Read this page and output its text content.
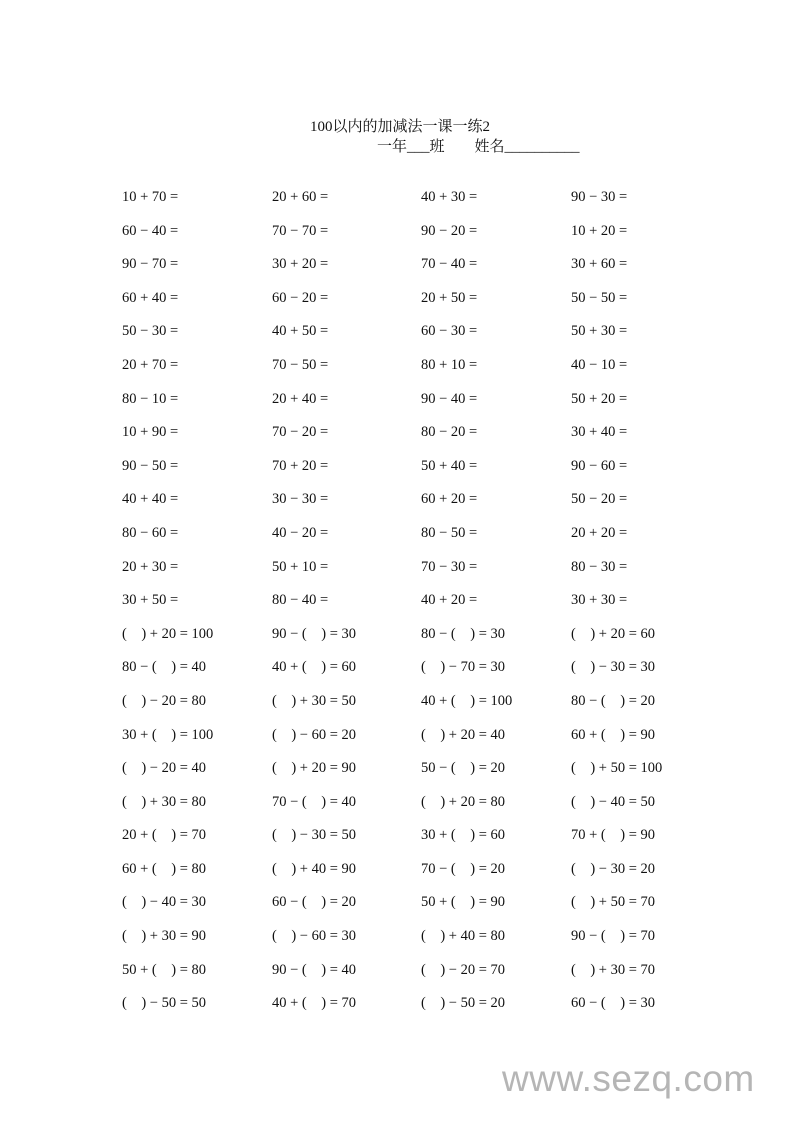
100以内的加减法一课一练2
一年___班        姓名__________
10 + 70 =	20 + 60 =	40 + 30 =	90 − 30 =
60 − 40 =	70 − 70 =	90 − 20 =	10 + 20 =
90 − 70 =	30 + 20 =	70 − 40 =	30 + 60 =
60 + 40 =	60 − 20 =	20 + 50 =	50 − 50 =
50 − 30 =	40 + 50 =	60 − 30 =	50 + 30 =
20 + 70 =	70 − 50 =	80 + 10 =	40 − 10 =
80 − 10 =	20 + 40 =	90 − 40 =	50 + 20 =
10 + 90 =	70 − 20 =	80 − 20 =	30 + 40 =
90 − 50 =	70 + 20 =	50 + 40 =	90 − 60 =
40 + 40 =	30 − 30 =	60 + 20 =	50 − 20 =
80 − 60 =	40 − 20 =	80 − 50 =	20 + 20 =
20 + 30 =	50 + 10 =	70 − 30 =	80 − 30 =
30 + 50 =	80 − 40 =	40 + 20 =	30 + 30 =
(    ) + 20 = 100	90 − (    ) = 30	80 − (    ) = 30	(    ) + 20 = 60
80 − (    ) = 40	40 + (    ) = 60	(    ) − 70 = 30	(    ) − 30 = 30
(    ) − 20 = 80	(    ) + 30 = 50	40 + (    ) = 100	80 − (    ) = 20
30 + (    ) = 100	(    ) − 60 = 20	(    ) + 20 = 40	60 + (    ) = 90
(    ) − 20 = 40	(    ) + 20 = 90	50 − (    ) = 20	(    ) + 50 = 100
(    ) + 30 = 80	70 − (    ) = 40	(    ) + 20 = 80	(    ) − 40 = 50
20 + (    ) = 70	(    ) − 30 = 50	30 + (    ) = 60	70 + (    ) = 90
60 + (    ) = 80	(    ) + 40 = 90	70 − (    ) = 20	(    ) − 30 = 20
(    ) − 40 = 30	60 − (    ) = 20	50 + (    ) = 90	(    ) + 50 = 70
(    ) + 30 = 90	(    ) − 60 = 30	(    ) + 40 = 80	90 − (    ) = 70
50 + (    ) = 80	90 − (    ) = 40	(    ) − 20 = 70	(    ) + 30 = 70
(    ) − 50 = 50	40 + (    ) = 70	(    ) − 50 = 20	60 − (    ) = 30
www.sezq.com
